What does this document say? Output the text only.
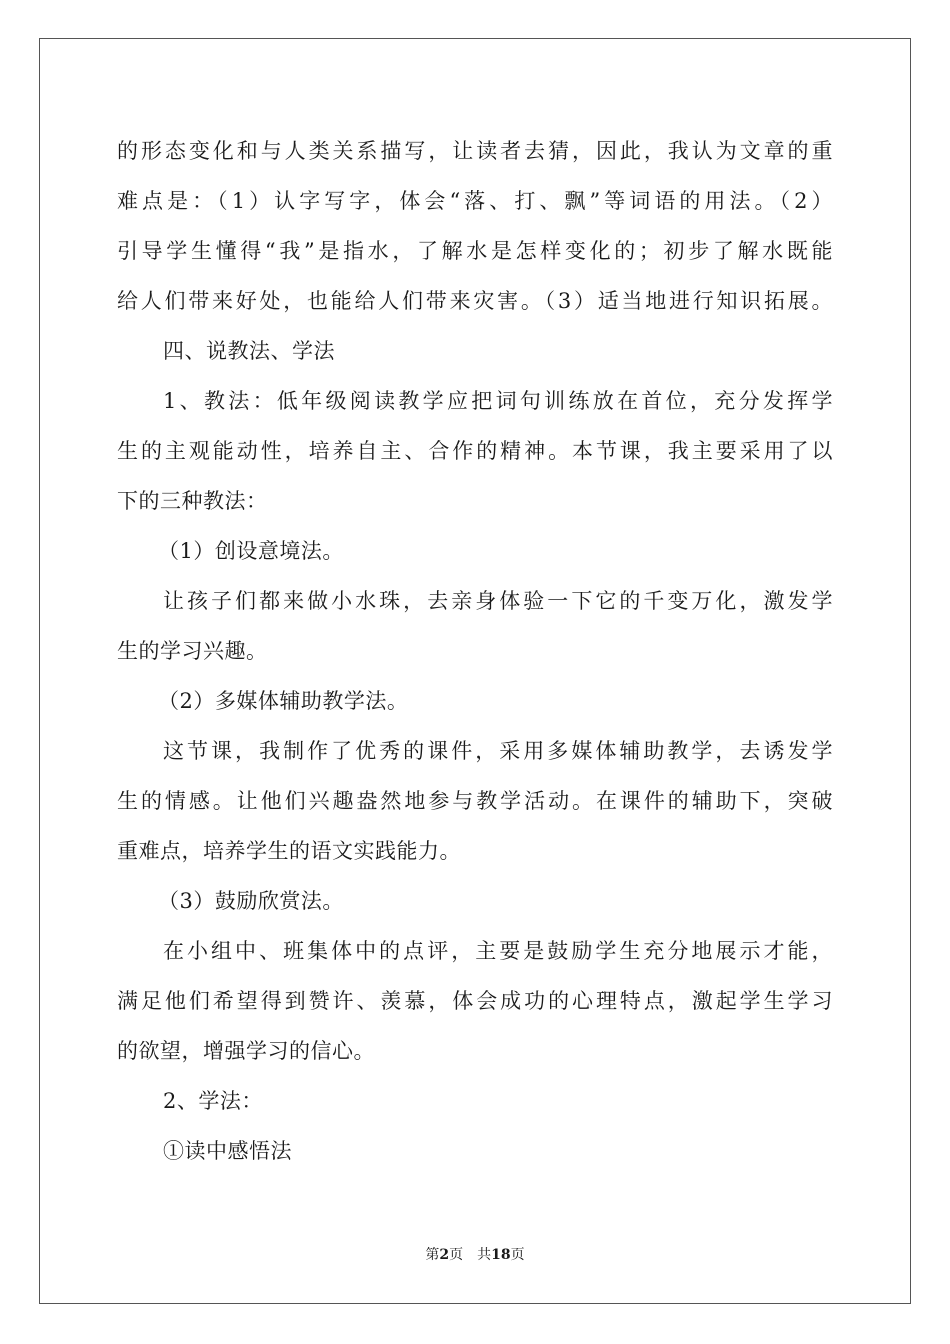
的形态变化和与人类关系描写，让读者去猜，因此，我认为文章的重
难点是：（1）认字写字，体会“落、打、飘”等词语的用法。（2）
引导学生懂得“我”是指水，了解水是怎样变化的；初步了解水既能
给人们带来好处，也能给人们带来灾害。（3）适当地进行知识拓展。
四、说教法、学法
1、教法：低年级阅读教学应把词句训练放在首位，充分发挥学
生的主观能动性，培养自主、合作的精神。本节课，我主要采用了以
下的三种教法：
（1）创设意境法。
让孩子们都来做小水珠，去亲身体验一下它的千变万化，激发学
生的学习兴趣。
（2）多媒体辅助教学法。
这节课，我制作了优秀的课件，采用多媒体辅助教学，去诱发学
生的情感。让他们兴趣盎然地参与教学活动。在课件的辅助下，突破
重难点，培养学生的语文实践能力。
（3）鼓励欣赏法。
在小组中、班集体中的点评，主要是鼓励学生充分地展示才能，
满足他们希望得到赞许、羡慕，体会成功的心理特点，激起学生学习
的欲望，增强学习的信心。
2、学法：
①读中感悟法
第2页 共18页
